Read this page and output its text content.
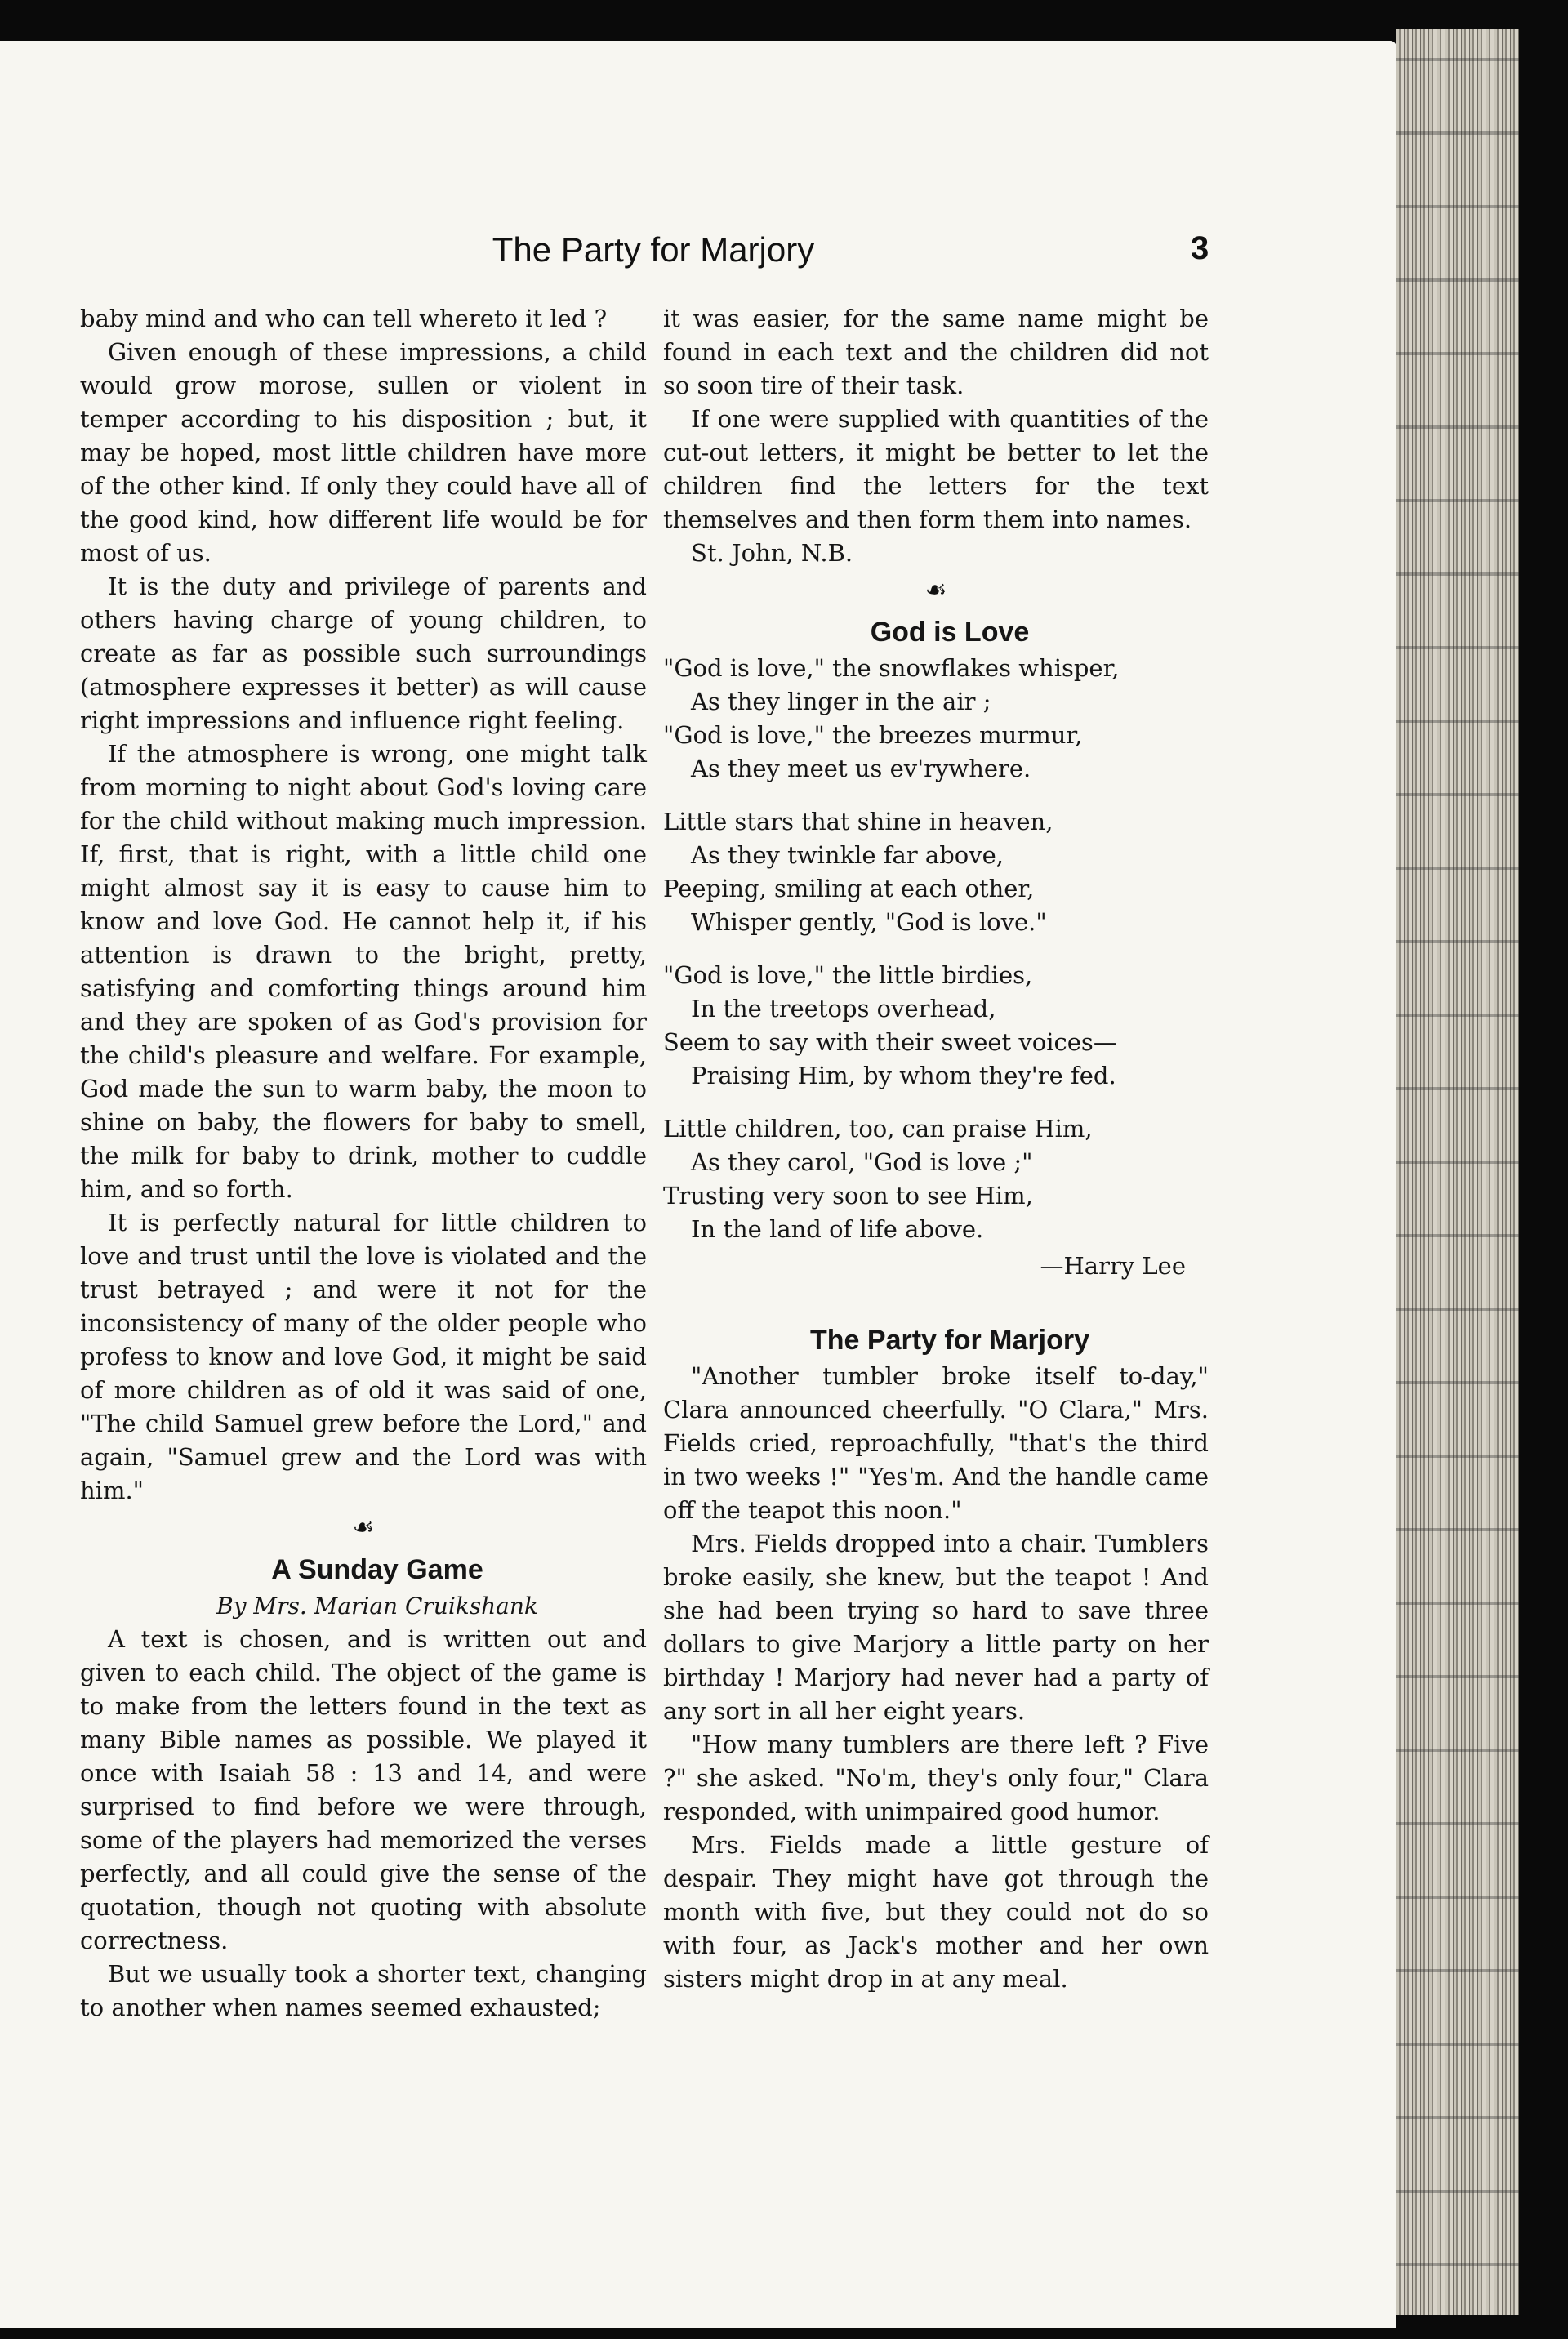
The Party for Marjory	3

baby mind and who can tell whereto it led ?

Given enough of these impressions, a child would grow morose, sullen or violent in temper according to his disposition ; but, it may be hoped, most little children have more of the other kind. If only they could have all of the good kind, how different life would be for most of us.

It is the duty and privilege of parents and others having charge of young children, to create as far as possible such surroundings (atmosphere expresses it better) as will cause right impressions and influence right feeling.

If the atmosphere is wrong, one might talk from morning to night about God's loving care for the child without making much impression. If, first, that is right, with a little child one might almost say it is easy to cause him to know and love God. He cannot help it, if his attention is drawn to the bright, pretty, satisfying and comforting things around him and they are spoken of as God's provision for the child's pleasure and welfare. For example, God made the sun to warm baby, the moon to shine on baby, the flowers for baby to smell, the milk for baby to drink, mother to cuddle him, and so forth.

It is perfectly natural for little children to love and trust until the love is violated and the trust betrayed ; and were it not for the inconsistency of many of the older people who profess to know and love God, it might be said of more children as of old it was said of one, "The child Samuel grew before the Lord," and again, "Samuel grew and the Lord was with him."

☙

A Sunday Game

By Mrs. Marian Cruikshank

A text is chosen, and is written out and given to each child. The object of the game is to make from the letters found in the text as many Bible names as possible. We played it once with Isaiah 58 : 13 and 14, and were surprised to find before we were through, some of the players had memorized the verses perfectly, and all could give the sense of the quotation, though not quoting with absolute correctness.

But we usually took a shorter text, changing to another when names seemed exhausted;

it was easier, for the same name might be found in each text and the children did not so soon tire of their task.

If one were supplied with quantities of the cut-out letters, it might be better to let the children find the letters for the text themselves and then form them into names.

St. John, N.B.

☙

God is Love

"God is love," the snowflakes whisper,
As they linger in the air ;
"God is love," the breezes murmur,
As they meet us ev'rywhere.
Little stars that shine in heaven,
As they twinkle far above,
Peeping, smiling at each other,
Whisper gently, "God is love."
"God is love," the little birdies,
In the treetops overhead,
Seem to say with their sweet voices—
Praising Him, by whom they're fed.
Little children, too, can praise Him,
As they carol, "God is love ;"
Trusting very soon to see Him,
In the land of life above.

—Harry Lee

The Party for Marjory

"Another tumbler broke itself to-day," Clara announced cheerfully. "O Clara," Mrs. Fields cried, reproachfully, "that's the third in two weeks !" "Yes'm. And the handle came off the teapot this noon."

Mrs. Fields dropped into a chair. Tumblers broke easily, she knew, but the teapot ! And she had been trying so hard to save three dollars to give Marjory a little party on her birthday ! Marjory had never had a party of any sort in all her eight years.

"How many tumblers are there left ? Five ?" she asked. "No'm, they's only four," Clara responded, with unimpaired good humor.

Mrs. Fields made a little gesture of despair. They might have got through the month with five, but they could not do so with four, as Jack's mother and her own sisters might drop in at any meal.
